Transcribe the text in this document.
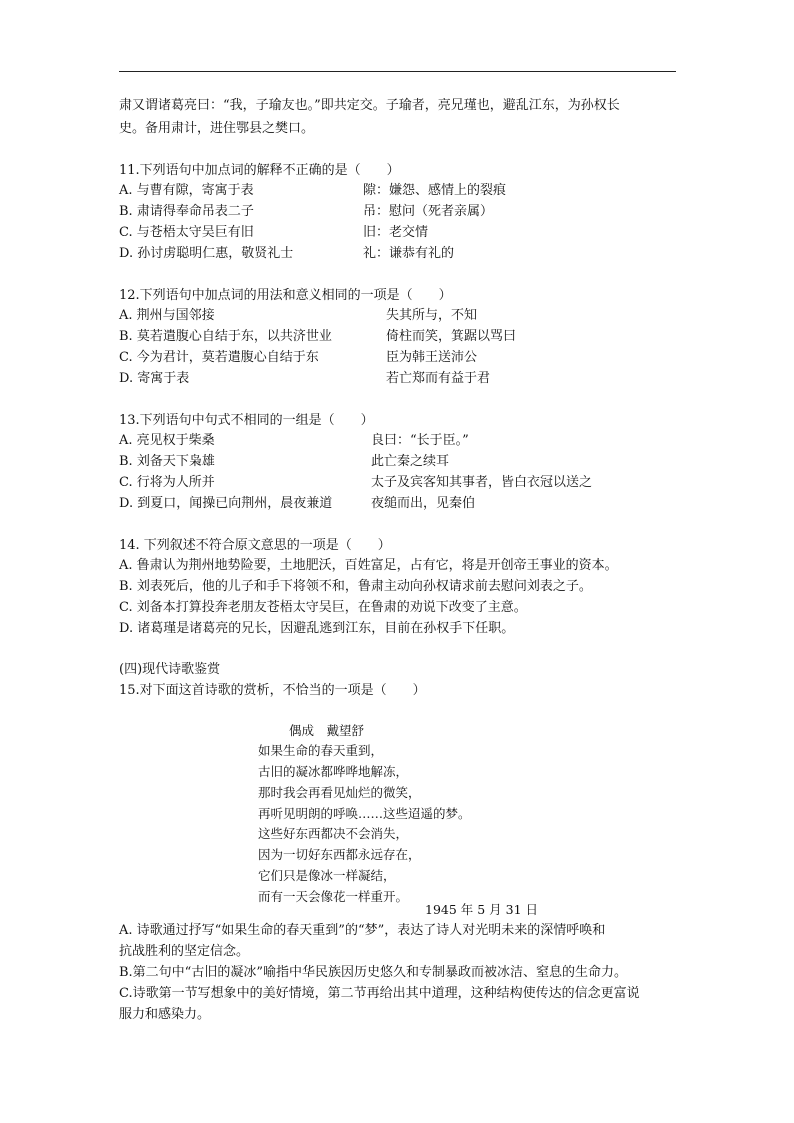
肃又谓诸葛亮曰：“我，子瑜友也。”即共定交。子瑜者，亮兄瑾也，避乱江东，为孙权长
史。备用肃计，进住鄂县之樊口。
11.下列语句中加点词的解释不正确的是（　　）
A. 与曹有隙，寄寓于表	隙：嫌怨、感情上的裂痕
B. 肃请得奉命吊表二子	吊：慰问（死者亲属）
C. 与苍梧太守吴巨有旧	旧：老交情
D. 孙讨虏聪明仁惠，敬贤礼士	礼：谦恭有礼的
12.下列语句中加点词的用法和意义相同的一项是（　　）
A. 荆州与国邻接	失其所与，不知
B. 莫若遣腹心自结于东，以共济世业	倚柱而笑，箕踞以骂曰
C. 今为君计，莫若遣腹心自结于东	臣为韩王送沛公
D. 寄寓于表	若亡郑而有益于君
13.下列语句中句式不相同的一组是（　　）
A. 亮见权于柴桑	良曰：“长于臣。”
B. 刘备天下枭雄	此亡秦之续耳
C. 行将为人所并	太子及宾客知其事者，皆白衣冠以送之
D. 到夏口，闻操已向荆州，晨夜兼道	夜缒而出，见秦伯
14. 下列叙述不符合原文意思的一项是（　　）
A. 鲁肃认为荆州地势险要，土地肥沃，百姓富足，占有它，将是开创帝王事业的资本。
B. 刘表死后，他的儿子和手下将领不和，鲁肃主动向孙权请求前去慰问刘表之子。
C. 刘备本打算投奔老朋友苍梧太守吴巨，在鲁肃的劝说下改变了主意。
D. 诸葛瑾是诸葛亮的兄长，因避乱逃到江东，目前在孙权手下任职。
(四)现代诗歌鉴赏
15.对下面这首诗歌的赏析，不恰当的一项是（　　）
偶成　戴望舒
如果生命的春天重到，
古旧的凝冰都哗哗地解冻，
那时我会再看见灿烂的微笑，
再听见明朗的呼唤……这些迢遥的梦。
这些好东西都决不会消失，
因为一切好东西都永远存在，
它们只是像冰一样凝结，
而有一天会像花一样重开。
1945 年 5 月 31 日
A. 诗歌通过抒写“如果生命的春天重到”的“梦”，表达了诗人对光明未来的深情呼唤和
抗战胜利的坚定信念。
B.第二句中“古旧的凝冰”喻指中华民族因历史悠久和专制暴政而被冰洁、窒息的生命力。
C.诗歌第一节写想象中的美好情境，第二节再给出其中道理，这种结构使传达的信念更富说
服力和感染力。
